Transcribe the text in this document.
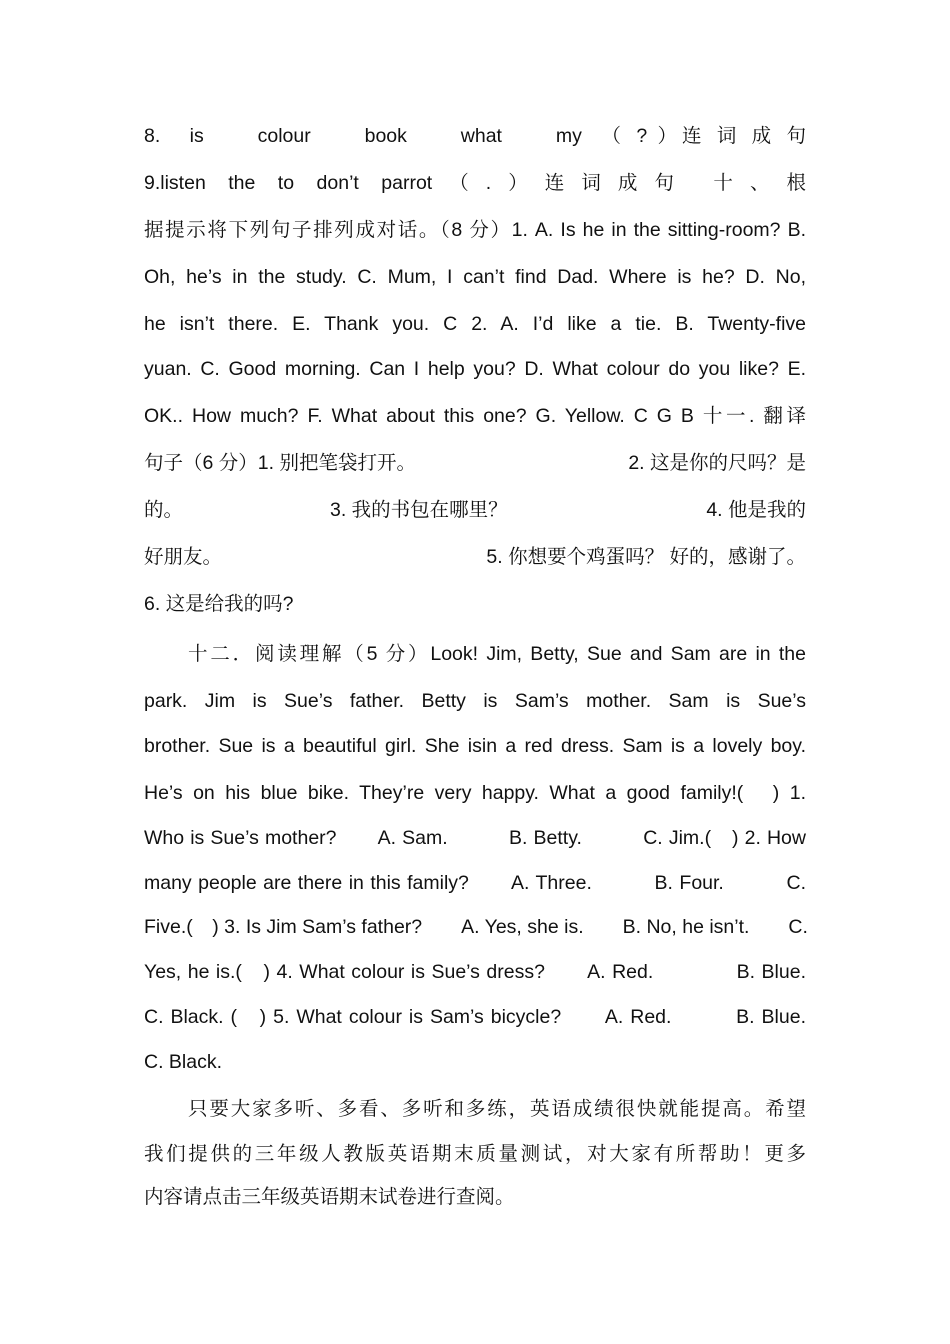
8.　is　　colour　　book　　what　　my　（ ? ）连 词 成 句
9.listen the to don’t parrot（.）连词成句 十、根
据提示将下列句子排列成对话。（8 分）1. A. Is he in the sitting-room? B.
Oh, he’s in the study. C. Mum, I can’t find Dad. Where is he? D. No,
he isn’t there. E. Thank you. C 2. A. I’d like a tie. B. Twenty-five
yuan. C. Good morning. Can I help you? D. What colour do you like? E.
OK.. How much? F. What about this one? G. Yellow. C G B 十一. 翻译
句子（6 分）1. 别把笔袋打开。	2. 这是你的尺吗？是
的。	3. 我的书包在哪里？	4. 他是我的
好朋友。	5. 你想要个鸡蛋吗？ 好的，感谢了。
6. 这是给我的吗?
十二．阅读理解（5 分）Look! Jim, Betty, Sue and Sam are in the
park. Jim is Sue’s father. Betty is Sam’s mother. Sam is Sue’s
brother. Sue is a beautiful girl. She isin a red dress. Sam is a lovely boy.
He’s on his blue bike. They’re very happy. What a good family!(　) 1.
Who is Sue’s mother?　　A. Sam.　　　B. Betty.　　　C. Jim.(　) 2. How
many people are there in this family?　　A. Three.　　　B. Four.　　　C.
Five.(　) 3. Is Jim Sam’s father?　　A. Yes, she is.　　B. No, he isn’t.　　C.
Yes, he is.(　) 4. What colour is Sue’s dress?　　A. Red.　　　　B. Blue.
C. Black. (　) 5. What colour is Sam’s bicycle?　　A. Red.　　　B. Blue.
C. Black.
只要大家多听、多看、多听和多练，英语成绩很快就能提高。希望
我们提供的三年级人教版英语期末质量测试，对大家有所帮助！更多
内容请点击三年级英语期末试卷进行查阅。
